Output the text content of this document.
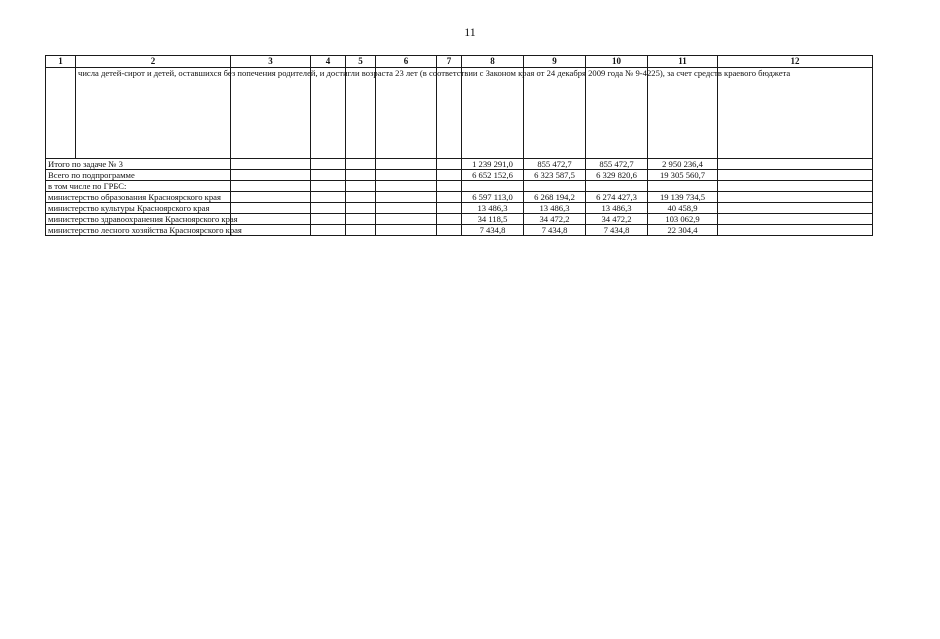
11
1	2	3	4	5	6	7	8	9	10	11	12
	числа детей-сирот и детей, оставшихся без попечения родителей, и достигли возраста 23 лет (в соответствии с Законом края от 24 декабря 2009 года № 9-4225), за счет средств краевого бюджета										
Итого по задаче № 3							1 239 291,0	855 472,7	855 472,7	2 950 236,4	
Всего по подпрограмме							6 652 152,6	6 323 587,5	6 329 820,6	19 305 560,7	
в том числе по ГРБС:											
министерство образования Красноярского края							6 597 113,0	6 268 194,2	6 274 427,3	19 139 734,5	
министерство культуры Красноярского края							13 486,3	13 486,3	13 486,3	40 458,9	
министерство здравоохранения Красноярского края							34 118,5	34 472,2	34 472,2	103 062,9	
министерство лесного хозяйства Красноярского края							7 434,8	7 434,8	7 434,8	22 304,4	
